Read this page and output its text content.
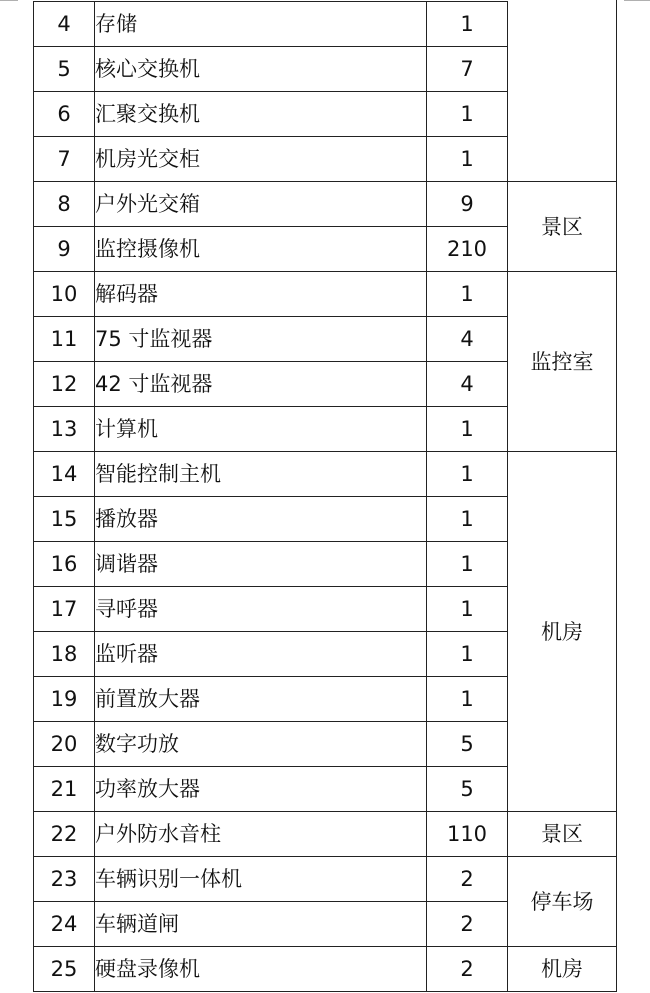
4	存储	1	
5	核心交换机	7	
6	汇聚交换机	1	
7	机房光交柜	1	
8	户外光交箱	9	景区
9	监控摄像机	210	
10	解码器	1	监控室
11	75 寸监视器	4	
12	42 寸监视器	4	
13	计算机	1	
14	智能控制主机	1	机房
15	播放器	1	
16	调谐器	1	
17	寻呼器	1	
18	监听器	1	
19	前置放大器	1	
20	数字功放	5	
21	功率放大器	5	
22	户外防水音柱	110	景区
23	车辆识别一体机	2	停车场
24	车辆道闸	2	
25	硬盘录像机	2	机房
